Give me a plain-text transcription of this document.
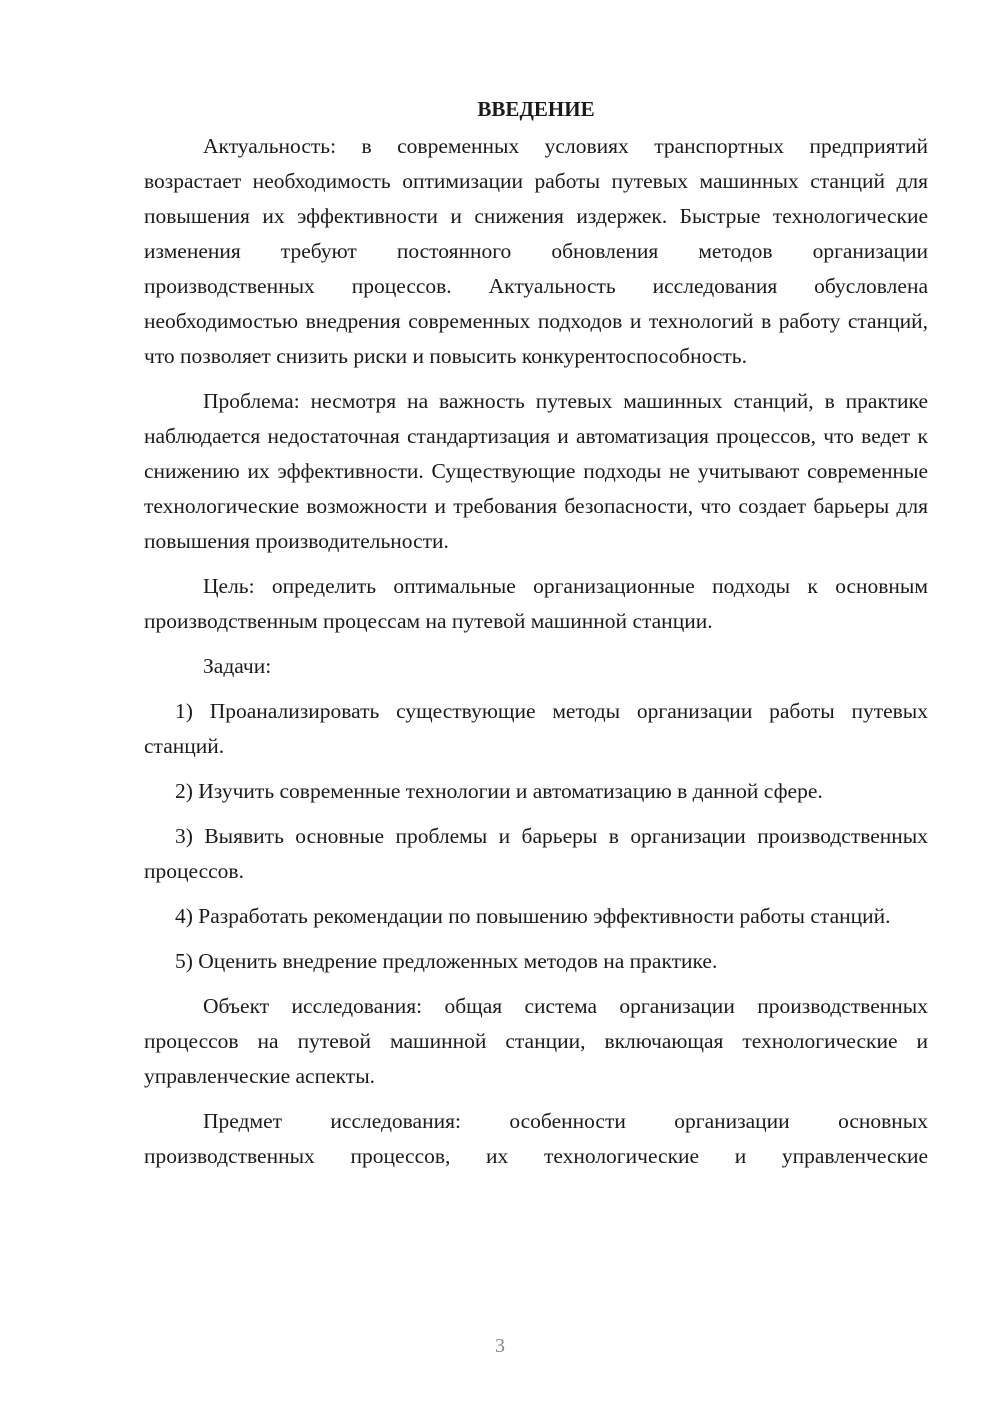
ВВЕДЕНИЕ

Актуальность: в современных условиях транспортных предприятий возрастает необходимость оптимизации работы путевых машинных станций для повышения их эффективности и снижения издержек. Быстрые технологические изменения требуют постоянного обновления методов организации производственных процессов. Актуальность исследования обусловлена необходимостью внедрения современных подходов и технологий в работу станций, что позволяет снизить риски и повысить конкурентоспособность.

Проблема: несмотря на важность путевых машинных станций, в практике наблюдается недостаточная стандартизация и автоматизация процессов, что ведет к снижению их эффективности. Существующие подходы не учитывают современные технологические возможности и требования безопасности, что создает барьеры для повышения производительности.

Цель: определить оптимальные организационные подходы к основным производственным процессам на путевой машинной станции.

Задачи:

1) Проанализировать существующие методы организации работы путевых станций.

2) Изучить современные технологии и автоматизацию в данной сфере.

3) Выявить основные проблемы и барьеры в организации производственных процессов.

4) Разработать рекомендации по повышению эффективности работы станций.

5) Оценить внедрение предложенных методов на практике.

Объект исследования: общая система организации производственных процессов на путевой машинной станции, включающая технологические и управленческие аспекты.

Предмет исследования: особенности организации основных производственных процессов, их технологические и управленческие

3
